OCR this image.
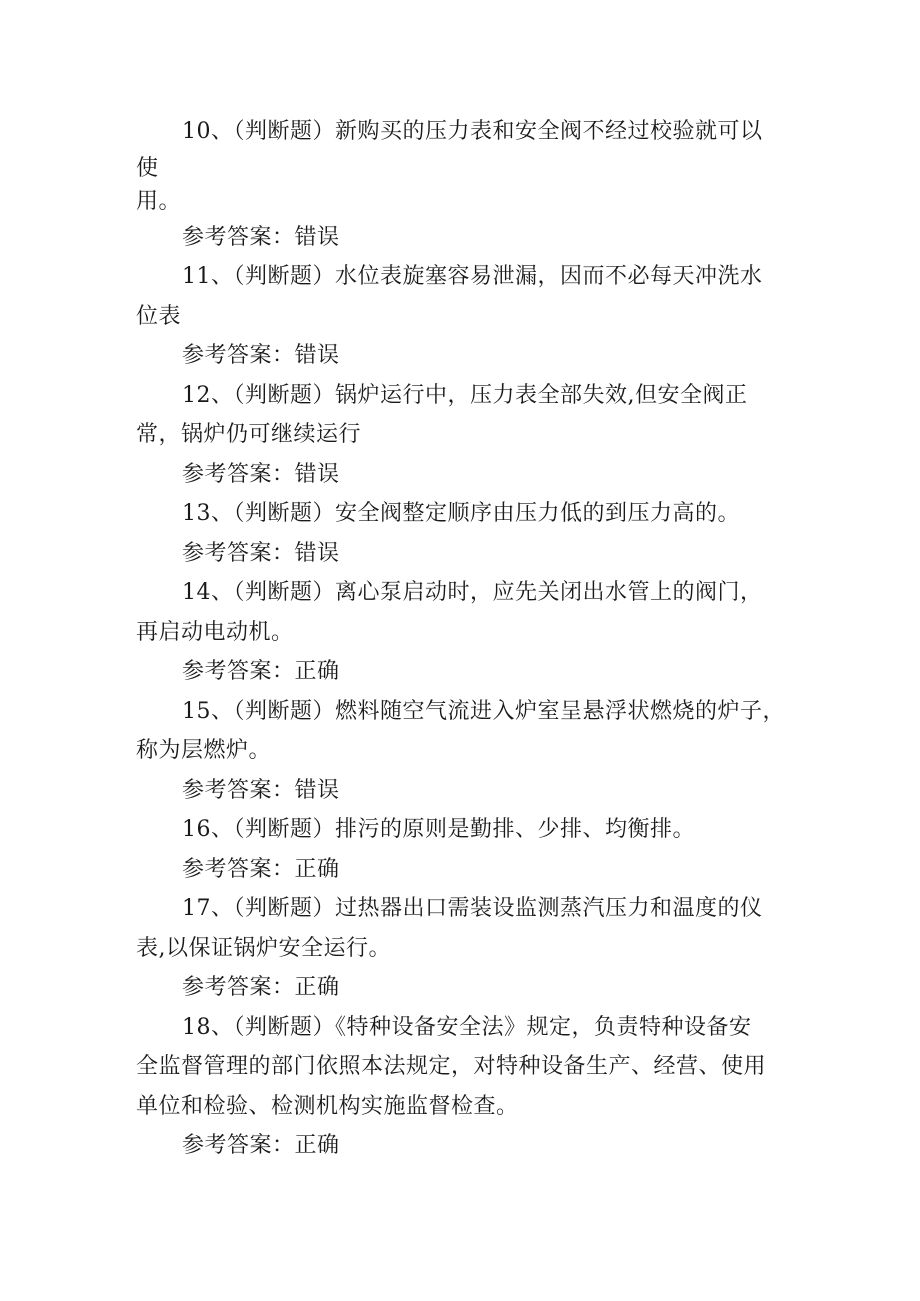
10、（判断题）新购买的压力表和安全阀不经过校验就可以
使
用。
参考答案：错误
11、（判断题）水位表旋塞容易泄漏，因而不必每天冲洗水
位表
参考答案：错误
12、（判断题）锅炉运行中，压力表全部失效,但安全阀正
常，锅炉仍可继续运行
参考答案：错误
13、（判断题）安全阀整定顺序由压力低的到压力高的。
参考答案：错误
14、（判断题）离心泵启动时，应先关闭出水管上的阀门，
再启动电动机。
参考答案：正确
15、（判断题）燃料随空气流进入炉室呈悬浮状燃烧的炉子，
称为层燃炉。
参考答案：错误
16、（判断题）排污的原则是勤排、少排、均衡排。
参考答案：正确
17、（判断题）过热器出口需装设监测蒸汽压力和温度的仪
表,以保证锅炉安全运行。
参考答案：正确
18、（判断题）《特种设备安全法》规定，负责特种设备安
全监督管理的部门依照本法规定，对特种设备生产、经营、使用
单位和检验、检测机构实施监督检查。
参考答案：正确
